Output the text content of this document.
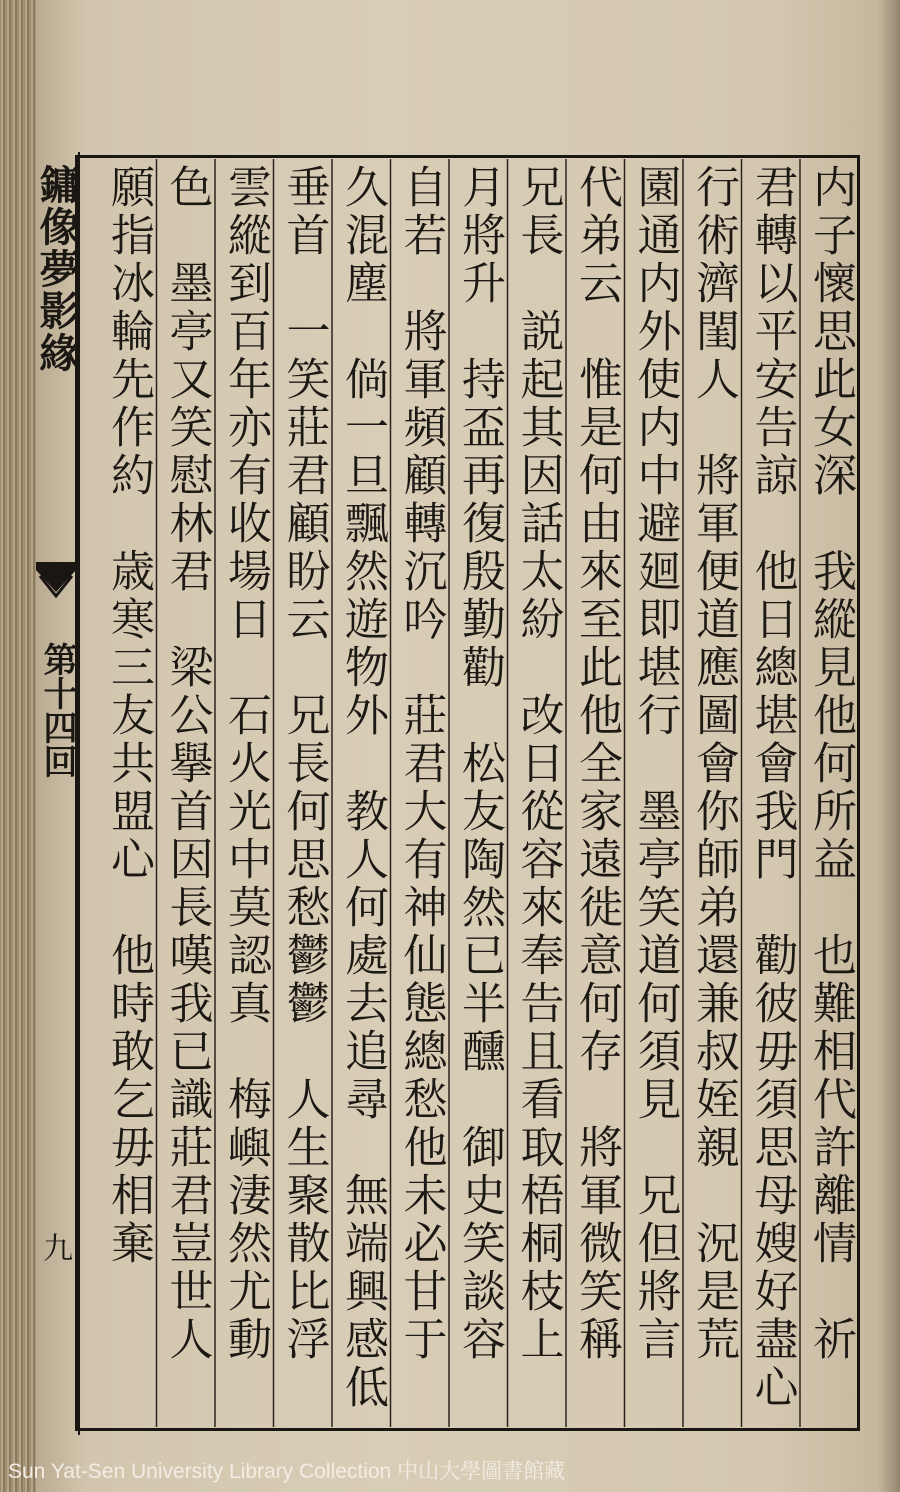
鏞像夢影緣
第十四回
九	内子懷思此女深　我縱見他何所益　也難相代許離情　祈
君轉以平安告諒　他日總堪會我門　勸彼毋須思母嫂好盡心
行術濟閨人　將軍便道應圖會你師弟還兼叔姪親　況是荒
園通内外使内中避廻即堪行　墨亭笑道何須見　兄但將言
代弟云　惟是何由來至此他全家遠徙意何存　將軍微笑稱
兄長　説起其因話太紛　改日從容來奉告且看取梧桐枝上
月將升　持盃再復殷勤勸　松友陶然已半醺　御史笑談容
自若　將軍頻顧轉沉吟　莊君大有神仙態總愁他未必甘于
久混塵　倘一旦飄然遊物外　教人何處去追尋　無端興感低
垂首　一笑莊君顧盼云　兄長何思愁鬱鬱　人生聚散比浮
雲縱到百年亦有收場日　石火光中莫認真　梅嶼淒然尤動
色　墨亭又笑慰林君　梁公擧首因長嘆我已識莊君豈世人
願指冰輪先作約　歳寒三友共盟心　他時敢乞毋相棄
Sun Yat-Sen University Library Collection 中山大學圖書館藏
